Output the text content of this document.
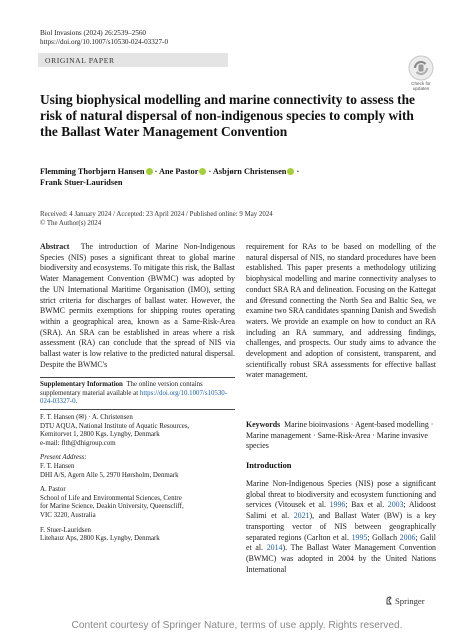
Biol Invasions (2024) 26:2539–2560
https://doi.org/10.1007/s10530-024-03327-0
ORIGINAL PAPER
Check for
updates
Using biophysical modelling and marine connectivity to assess the risk of natural dispersal of non-indigenous species to comply with the Ballast Water Management Convention
Flemming Thorbjørn Hansen · Ane Pastor · Asbjørn Christensen ·
Frank Stuer-Lauridsen
Received: 4 January 2024 / Accepted: 23 April 2024 / Published online: 9 May 2024
© The Author(s) 2024
Abstract The introduction of Marine Non-Indigenous Species (NIS) poses a significant threat to global marine biodiversity and ecosystems. To mitigate this risk, the Ballast Water Management Convention (BWMC) was adopted by the UN International Maritime Organisation (IMO), setting strict criteria for discharges of ballast water. However, the BWMC permits exemptions for shipping routes operating within a geographical area, known as a Same-Risk-Area (SRA). An SRA can be established in areas where a risk assessment (RA) can conclude that the spread of NIS via ballast water is low relative to the predicted natural dispersal. Despite the BWMC's
requirement for RAs to be based on modelling of the natural dispersal of NIS, no standard procedures have been established. This paper presents a methodology utilizing biophysical modelling and marine connectivity analyses to conduct SRA RA and delineation. Focusing on the Kattegat and Øresund connecting the North Sea and Baltic Sea, we examine two SRA candidates spanning Danish and Swedish waters. We provide an example on how to conduct an RA including an RA summary, and addressing findings, challenges, and prospects. Our study aims to advance the development and adoption of consistent, transparent, and scientifically robust SRA assessments for effective ballast water management.
Supplementary Information The online version contains supplementary material available at https://doi.org/10.1007/s10530-024-03327-0.
F. T. Hansen (✉) · A. Christensen
DTU AQUA, National Institute of Aquatic Resources,
Kemitorvet 1, 2800 Kgs. Lyngby, Denmark
e-mail: flth@dhigroup.com
Present Address:
F. T. Hansen
DHI A/S, Agern Alle 5, 2970 Hørsholm, Denmark
A. Pastor
School of Life and Environmental Sciences, Centre
for Marine Science, Deakin University, Queenscliff,
VIC 3220, Australia
F. Stuer-Lauridsen
Litehauz Aps, 2800 Kgs. Lyngby, Denmark
Keywords Marine bioinvasions · Agent-based modelling · Marine management · Same-Risk-Area · Marine invasive species
Introduction
Marine Non-Indigenous Species (NIS) pose a significant global threat to biodiversity and ecosystem functioning and services (Vitousek et al. 1996; Bax et al. 2003; Alidoost Salimi et al. 2021), and Ballast Water (BW) is a key transporting vector of NIS between geographically separated regions (Carlton et al. 1995; Gollach 2006; Galil et al. 2014). The Ballast Water Management Convention (BWMC) was adopted in 2004 by the United Nations International
Springer
Content courtesy of Springer Nature, terms of use apply. Rights reserved.
